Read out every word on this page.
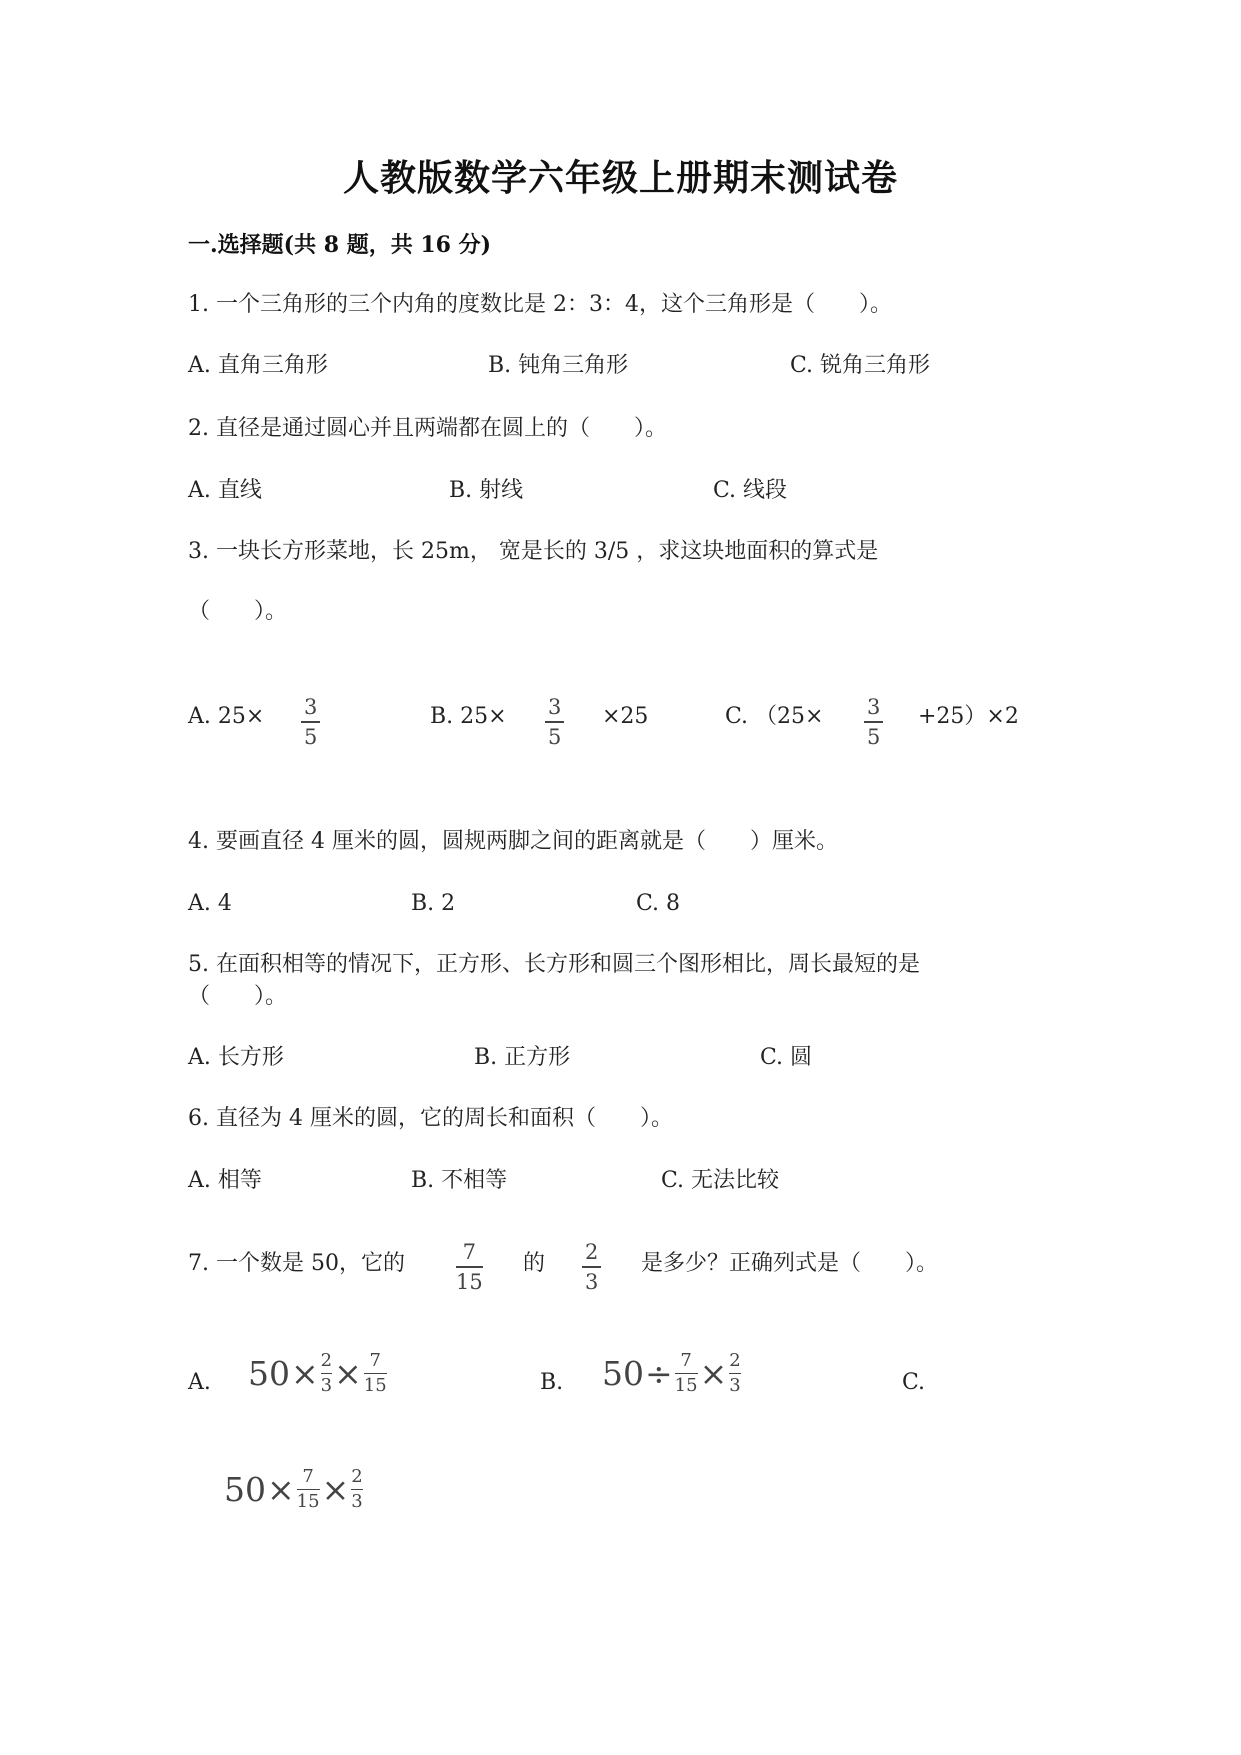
人教版数学六年级上册期末测试卷
一.选择题(共 8 题，共 16 分)
1. 一个三角形的三个内角的度数比是 2：3：4，这个三角形是（　　）。
A. 直角三角形	B. 钝角三角形	C. 锐角三角形
2. 直径是通过圆心并且两端都在圆上的（　　）。
A. 直线	B. 射线	C. 线段
3. 一块长方形菜地，长 25m， 宽是长的 3/5 ，求这块地面积的算式是
（　　）。
A. 25× 3
5
B. 25× 3
5
×25	C. （25× 3
5
+25）×2
4. 要画直径 4 厘米的圆，圆规两脚之间的距离就是（　　）厘米。
A. 4	B. 2	C. 8
5. 在面积相等的情况下，正方形、长方形和圆三个图形相比，周长最短的是
（　　）。
A. 长方形	B. 正方形	C. 圆
6. 直径为 4 厘米的圆，它的周长和面积（　　）。
A. 相等	B. 不相等	C. 无法比较
7. 一个数是 50，它的	7
15
的 2
3
是多少？正确列式是（　　）。
A. 50 × 2
3 × 7
15	B. 50 ÷ 7
15 × 2
3	C.
50 × 7
15 × 2
3
